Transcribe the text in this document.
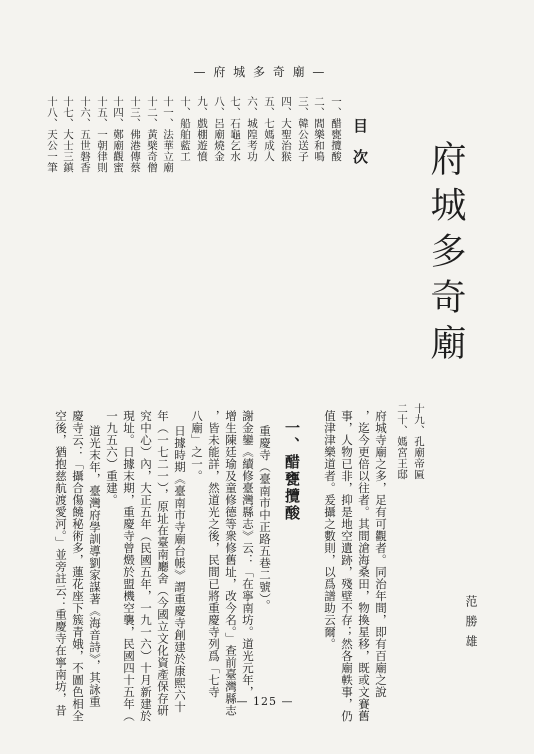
— 府 城 多 奇 廟 —
目次
一、醋甕攬酸
二、閻樂和鳴
三、韓公送子
四、大聖治猴
五、七媽成人
六、城隍考功
七、石龜乞水
八、呂廟燒金
九、戲棚遊憤
十、船舶藍工
十一、法華立廟
十二、黃檗奇僧
十三、佛港傳蔡
十四、鄭廟觀蜜
十五、一朝律則
十六、五世磐香
十七、大士三鎮
十八、天公一筆
府城多奇廟
范勝雄
十九、孔廟帝匾
二十、媽宮王邸
府城寺廟之多，足有可觀者。同治年間，即有百廟之說
，迄今更倍以往者。其間滄海桑田，物換星移，既或文賽舊
事，人物已非，抑是地空遺跡，殘壁不存；然各廟軼事，仍
值津津樂道者。爰攝之數則，以爲譜助云爾。
一、醋甕攬酸
重慶寺（臺南市中正路五巷二號）。
謝金鑾《續修臺灣縣志》云：「在寧南坊。道光元年，
增生陳廷瑜及童修德等衆修舊址，改今名。」查前臺灣縣志
，皆未能詳，然道光之後，民間已將重慶寺列爲「七寺
八廟」之一。
日據時期《臺南市寺廟台帳》謂重慶寺創建於康熙六十
年（一七二一），原址在臺南廳舍（今國立文化資產保存研
究中心）內，大正五年（民國五年，一九一六）十月新建於
現址。日據末期，重慶寺曾燬於盟機空襲，民國四十五年（
一九五六）重建。
道光末年，臺灣府學訓導劉家謀著《海音詩》，其詠重
慶寺云：「攝合傷饒秘術多，蓮花座下簇青娥，不圖色相全
空後，猶抱慈航渡愛河。」並旁註云：重慶寺在寧南坊，昔	— 125 —
